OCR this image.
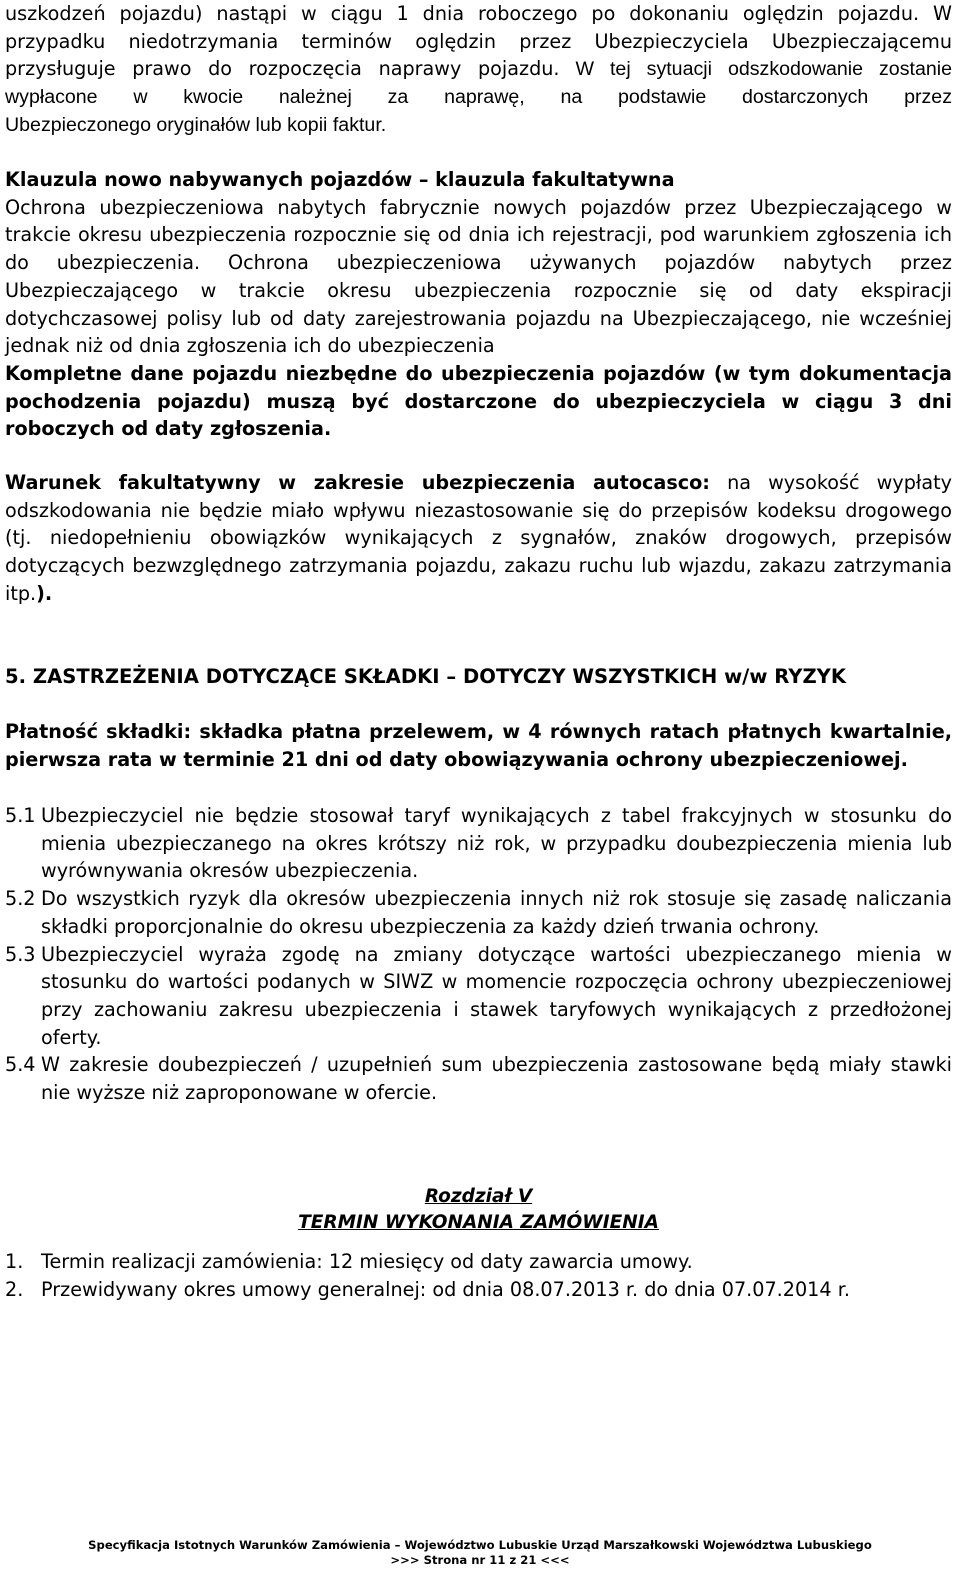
uszkodzeń pojazdu) nastąpi w ciągu 1 dnia roboczego po dokonaniu oględzin pojazdu. W

przypadku niedotrzymania terminów oględzin przez Ubezpieczyciela Ubezpieczającemu

przysługuje prawo do rozpoczęcia naprawy pojazdu. W tej sytuacji odszkodowanie zostanie

wypłacone w kwocie należnej za naprawę, na podstawie dostarczonych przez

Ubezpieczonego oryginałów lub kopii faktur.

Klauzula nowo nabywanych pojazdów – klauzula fakultatywna

Ochrona ubezpieczeniowa nabytych fabrycznie nowych pojazdów przez Ubezpieczającego w trakcie okresu ubezpieczenia rozpocznie się od dnia ich rejestracji, pod warunkiem zgłoszenia ich do ubezpieczenia. Ochrona ubezpieczeniowa używanych pojazdów nabytych przez Ubezpieczającego w trakcie okresu ubezpieczenia rozpocznie się od daty ekspiracji dotychczasowej polisy lub od daty zarejestrowania pojazdu na Ubezpieczającego, nie wcześniej jednak niż od dnia zgłoszenia ich do ubezpieczenia

Kompletne dane pojazdu niezbędne do ubezpieczenia pojazdów (w tym dokumentacja pochodzenia pojazdu) muszą być dostarczone do ubezpieczyciela w ciągu 3 dni roboczych od daty zgłoszenia.

Warunek fakultatywny w zakresie ubezpieczenia autocasco: na wysokość wypłaty odszkodowania nie będzie miało wpływu niezastosowanie się do przepisów kodeksu drogowego (tj. niedopełnieniu obowiązków wynikających z sygnałów, znaków drogowych, przepisów dotyczących bezwzględnego zatrzymania pojazdu, zakazu ruchu lub wjazdu, zakazu zatrzymania itp.).

5. ZASTRZEŻENIA DOTYCZĄCE SKŁADKI – DOTYCZY WSZYSTKICH w/w RYZYK

Płatność składki: składka płatna przelewem, w 4 równych ratach płatnych kwartalnie, pierwsza rata w terminie 21 dni od daty obowiązywania ochrony ubezpieczeniowej.

5.1 Ubezpieczyciel nie będzie stosował taryf wynikających z tabel frakcyjnych w stosunku do mienia ubezpieczanego na okres krótszy niż rok, w przypadku doubezpieczenia mienia lub wyrównywania okresów ubezpieczenia.
5.2 Do wszystkich ryzyk dla okresów ubezpieczenia innych niż rok stosuje się zasadę naliczania składki proporcjonalnie do okresu ubezpieczenia za każdy dzień trwania ochrony.
5.3 Ubezpieczyciel wyraża zgodę na zmiany dotyczące wartości ubezpieczanego mienia w stosunku do wartości podanych w SIWZ w momencie rozpoczęcia ochrony ubezpieczeniowej przy zachowaniu zakresu ubezpieczenia i stawek taryfowych wynikających z przedłożonej oferty.
5.4 W zakresie doubezpieczeń / uzupełnień sum ubezpieczenia zastosowane będą miały stawki nie wyższe niż zaproponowane w ofercie.
Rozdział V
TERMIN WYKONANIA ZAMÓWIENIA
1. Termin realizacji zamówienia: 12 miesięcy od daty zawarcia umowy.
2. Przewidywany okres umowy generalnej: od dnia 08.07.2013 r. do dnia 07.07.2014 r.
Specyfikacja Istotnych Warunków Zamówienia – Województwo Lubuskie Urząd Marszałkowski Województwa Lubuskiego
>>> Strona nr 11 z 21 <<<
